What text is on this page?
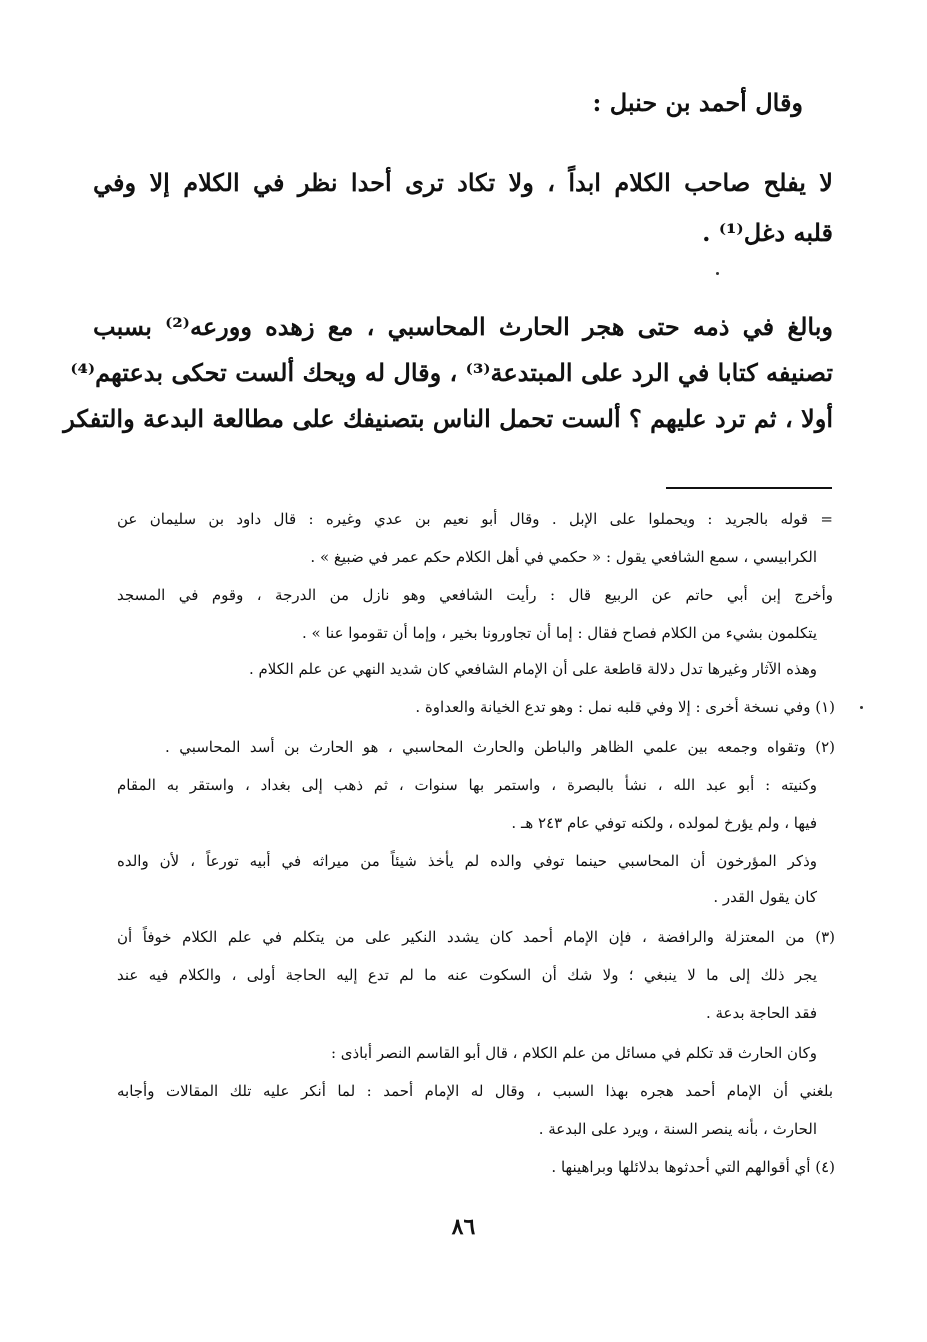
وقال أحمد بن حنبل :
لا يفلح صاحب الكلام ابداً ، ولا تكاد ترى أحدا نظر في الكلام إلا وفي
قلبه دغل⁽¹⁾ .
وبالغ في ذمه حتى هجر الحارث المحاسبي ، مع زهده وورعه⁽²⁾ بسبب
تصنيفه كتابا في الرد على المبتدعة⁽³⁾ ، وقال له ويحك ألست تحكى بدعتهم⁽⁴⁾
أولا ، ثم ترد عليهم ؟ ألست تحمل الناس بتصنيفك على مطالعة البدعة والتفكر
= قوله بالجريد : ويحملوا على الإبل . وقال أبو نعيم بن عدي وغيره : قال داود بن سليمان عن
الكرابيسي ، سمع الشافعي يقول : « حكمي في أهل الكلام حكم عمر في ضبيغ » .
وأخرج إبن أبي حاتم عن الربيع قال : رأيت الشافعي وهو نازل من الدرجة ، وقوم في المسجد
يتكلمون بشيء من الكلام فصاح فقال : إما أن تجاورونا بخير ، وإما أن تقوموا عنا » .
وهذه الآثار وغيرها تدل دلالة قاطعة على أن الإمام الشافعي كان شديد النهي عن علم الكلام .
(١) وفي نسخة أخرى : إلا وفي قلبه نمل : وهو تدع الخيانة والعداوة .
(٢) وتقواه وجمعه بين علمي الظاهر والباطن والحارث المحاسبي ، هو الحارث بن أسد المحاسبي .
وكنيته : أبو عبد الله ، نشأ بالبصرة ، واستمر بها سنوات ، ثم ذهب إلى بغداد ، واستقر به المقام
فيها ، ولم يؤرخ لمولده ، ولكنه توفي عام ٢٤٣ هـ .
وذكر المؤرخون أن المحاسبي حينما توفي والده لم يأخذ شيئاً من ميراثه في أبيه تورعاً ، لأن والده
كان يقول القدر .
(٣) من المعتزلة والرافضة ، فإن الإمام أحمد كان يشدد النكير على من يتكلم في علم الكلام خوفاً أن
يجر ذلك إلى ما لا ينبغي ؛ ولا شك أن السكوت عنه ما لم تدع إليه الحاجة أولى ، والكلام فيه عند
فقد الحاجة بدعة .
وكان الحارث قد تكلم في مسائل من علم الكلام ، قال أبو القاسم النصر أباذى :
بلغني أن الإمام أحمد هجره بهذا السبب ، وقال له الإمام أحمد : لما أنكر عليه تلك المقالات وأجابه
الحارث ، بأنه ينصر السنة ، ويرد على البدعة .
(٤) أي أقوالهم التي أحدثوها بدلائلها وبراهينها .
٨٦
